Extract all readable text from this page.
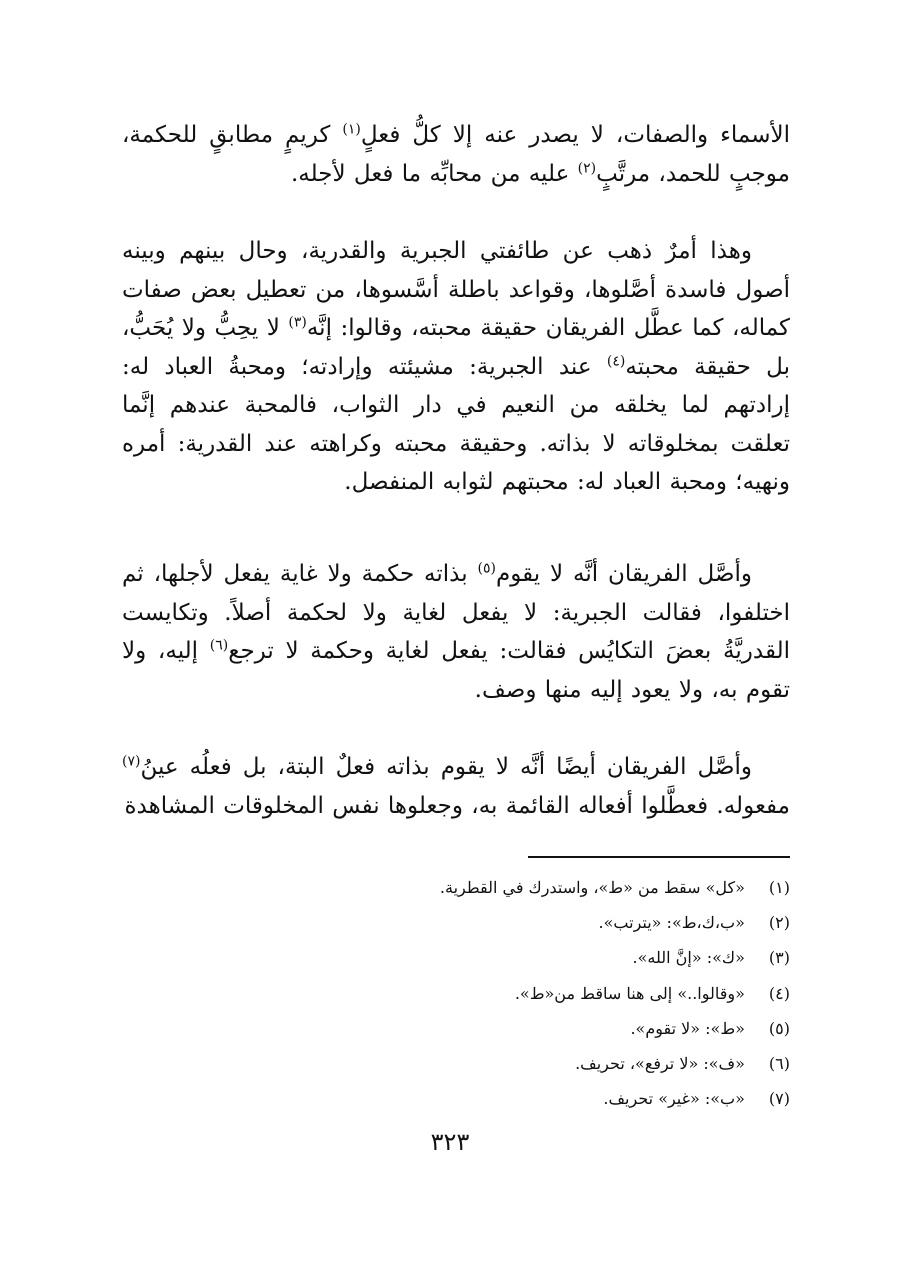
الأسماء والصفات، لا يصدر عنه إلا كلُّ فعلٍ$^{(١)}$ كريمٍ مطابقٍ للحكمة، موجبٍ للحمد، مرتَّبٍ$^{(٢)}$ عليه من محابِّه ما فعل لأجله.

وهذا أمرٌ ذهب عن طائفتي الجبرية والقدرية، وحال بينهم وبينه أصول فاسدة أصَّلوها، وقواعد باطلة أسَّسوها، من تعطيل بعض صفات كماله، كما عطَّل الفريقان حقيقة محبته، وقالوا: إنَّه$^{(٣)}$ لا يحِبُّ ولا يُحَبُّ، بل حقيقة محبته$^{(٤)}$ عند الجبرية: مشيئته وإرادته؛ ومحبةُ العباد له: إرادتهم لما يخلقه من النعيم في دار الثواب، فالمحبة عندهم إنَّما تعلقت بمخلوقاته لا بذاته. وحقيقة محبته وكراهته عند القدرية: أمره ونهيه؛ ومحبة العباد له: محبتهم لثوابه المنفصل.

وأصَّل الفريقان أنَّه لا يقوم$^{(٥)}$ بذاته حكمة ولا غاية يفعل لأجلها، ثم اختلفوا، فقالت الجبرية: لا يفعل لغاية ولا لحكمة أصلاً. وتكايست القدريَّةُ بعضَ التكايُس فقالت: يفعل لغاية وحكمة لا ترجع$^{(٦)}$ إليه، ولا تقوم به، ولا يعود إليه منها وصف.

وأصَّل الفريقان أيضًا أنَّه لا يقوم بذاته فعلٌ البتة، بل فعلُه عينُ$^{(٧)}$ مفعوله. فعطَّلوا أفعاله القائمة به، وجعلوها نفس المخلوقات المشاهدة

(١) «كل» سقط من «ط»، واستدرك في القطرية.
(٢) «ب،ك،ط»: «يترتب».
(٣) «ك»: «إنَّ الله».
(٤) «وقالوا..» إلى هنا ساقط من«ط».
(٥) «ط»: «لا تقوم».
(٦) «ف»: «لا ترفع»، تحريف.
(٧) «ب»: «غير» تحريف.
٣٢٣
